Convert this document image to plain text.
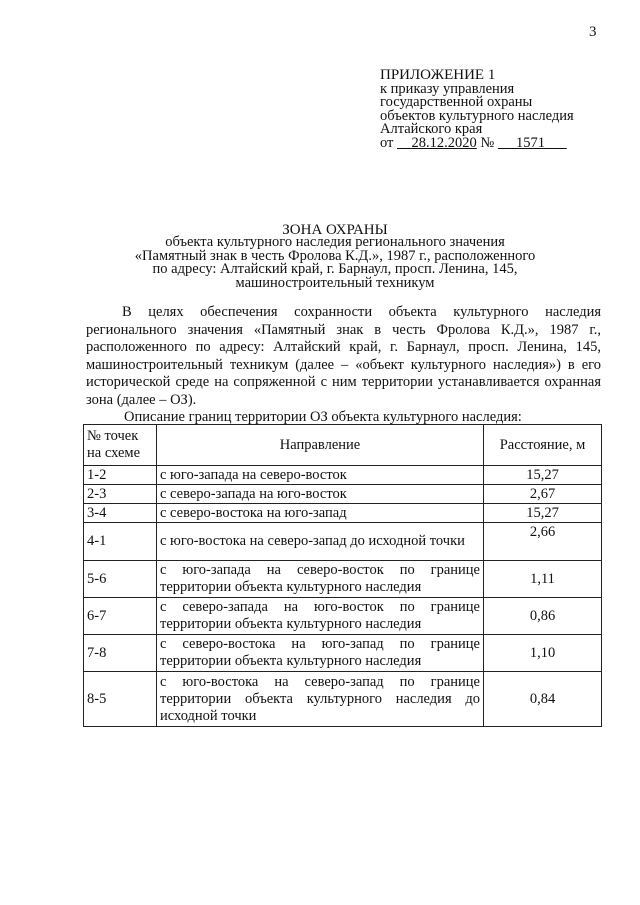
3
ПРИЛОЖЕНИЕ 1
к приказу управления
государственной охраны
объектов культурного наследия
Алтайского края
от 28.12.2020 № 1571
ЗОНА ОХРАНЫ
объекта культурного наследия регионального значения
«Памятный знак в честь Фролова К.Д.», 1987 г., расположенного
по адресу: Алтайский край, г. Барнаул, просп. Ленина, 145,
машиностроительный техникум
В целях обеспечения сохранности объекта культурного наследия регионального значения «Памятный знак в честь Фролова К.Д.», 1987 г., расположенного по адресу: Алтайский край, г. Барнаул, просп. Ленина, 145, машиностроительный техникум (далее – «объект культурного наследия») в его исторической среде на сопряженной с ним территории устанавливается охранная зона (далее – ОЗ).
Описание границ территории ОЗ объекта культурного наследия:
№ точек на схеме	Направление	Расстояние, м
1-2	с юго-запада на северо-восток	15,27
2-3	с северо-запада на юго-восток	2,67
3-4	с северо-востока на юго-запад	15,27
4-1	с юго-востока на северо-запад до исходной точки	2,66
5-6	с юго-запада на северо-восток по границе территории объекта культурного наследия	1,11
6-7	с северо-запада на юго-восток по границе территории объекта культурного наследия	0,86
7-8	с северо-востока на юго-запад по границе территории объекта культурного наследия	1,10
8-5	с юго-востока на северо-запад по границе территории объекта культурного наследия до исходной точки	0,84
